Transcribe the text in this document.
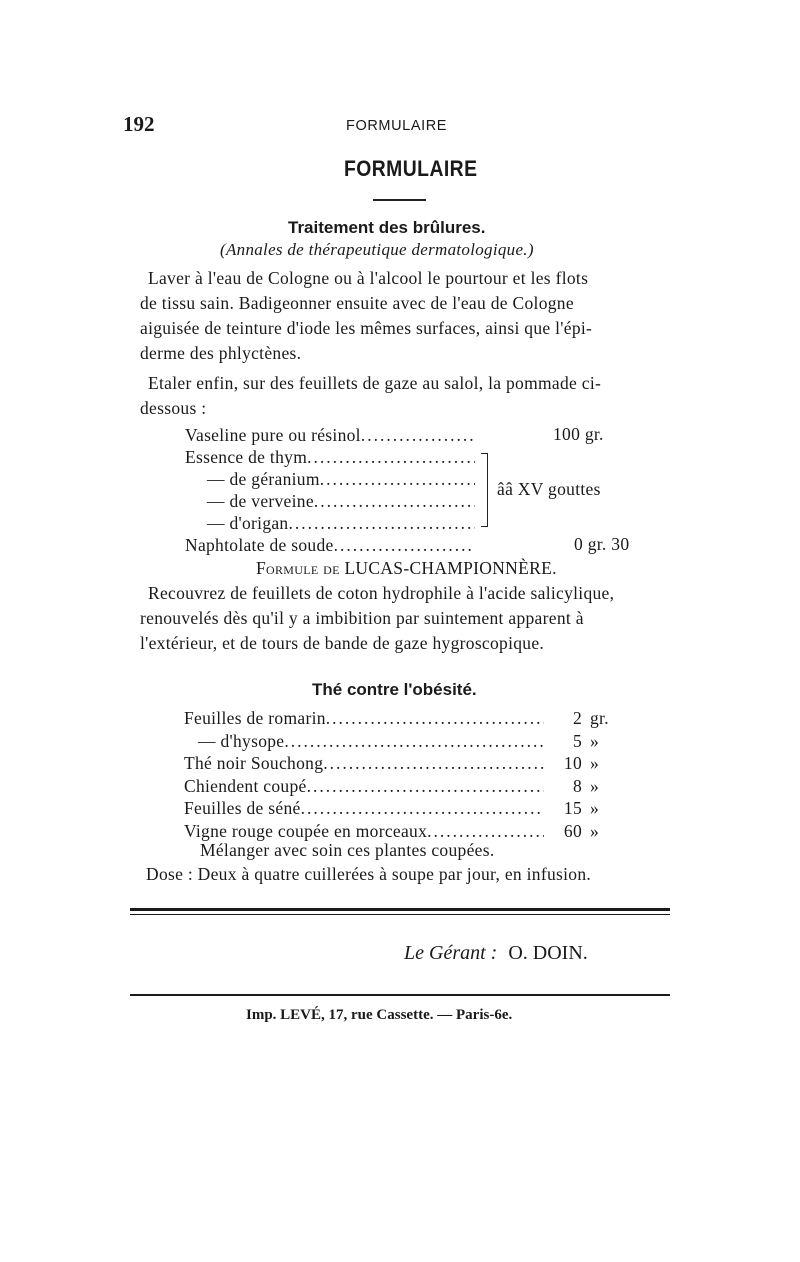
192	FORMULAIRE
FORMULAIRE
Traitement des brûlures.
(Annales de thérapeutique dermatologique.)
Laver à l'eau de Cologne ou à l'alcool le pourtour et les flots
de tissu sain. Badigeonner ensuite avec de l'eau de Cologne
aiguisée de teinture d'iode les mêmes surfaces, ainsi que l'épi-
derme des phlyctènes.
Etaler enfin, sur des feuillets de gaze au salol, la pommade ci-
dessous :
Vaseline pure ou résinol
.....
Essence de thym
.....
— de géranium
.....
— de verveine
.....
— d'origan
.....
Naphtolate de soude
.....
100 gr.
0 gr. 30
ââ XV gouttes
Formule de LUCAS-CHAMPIONNÈRE.
Recouvrez de feuillets de coton hydrophile à l'acide salicylique,
renouvelés dès qu'il y a imbibition par suintement apparent à
l'extérieur, et de tours de bande de gaze hygroscopique.
Thé contre l'obésité.
Feuilles de romarin
.....
— d'hysope
.....
Thé noir Souchong
.....
Chiendent coupé
.....
Feuilles de séné
.....
Vigne rouge coupée en morceaux
.....
2 gr.
5 »
10 »
8 »
15 »
60 »
Mélanger avec soin ces plantes coupées.
Dose : Deux à quatre cuillerées à soupe par jour, en infusion.
Le Gérant : O. DOIN.
Imp. LEVÉ, 17, rue Cassette. — Paris-6e.
